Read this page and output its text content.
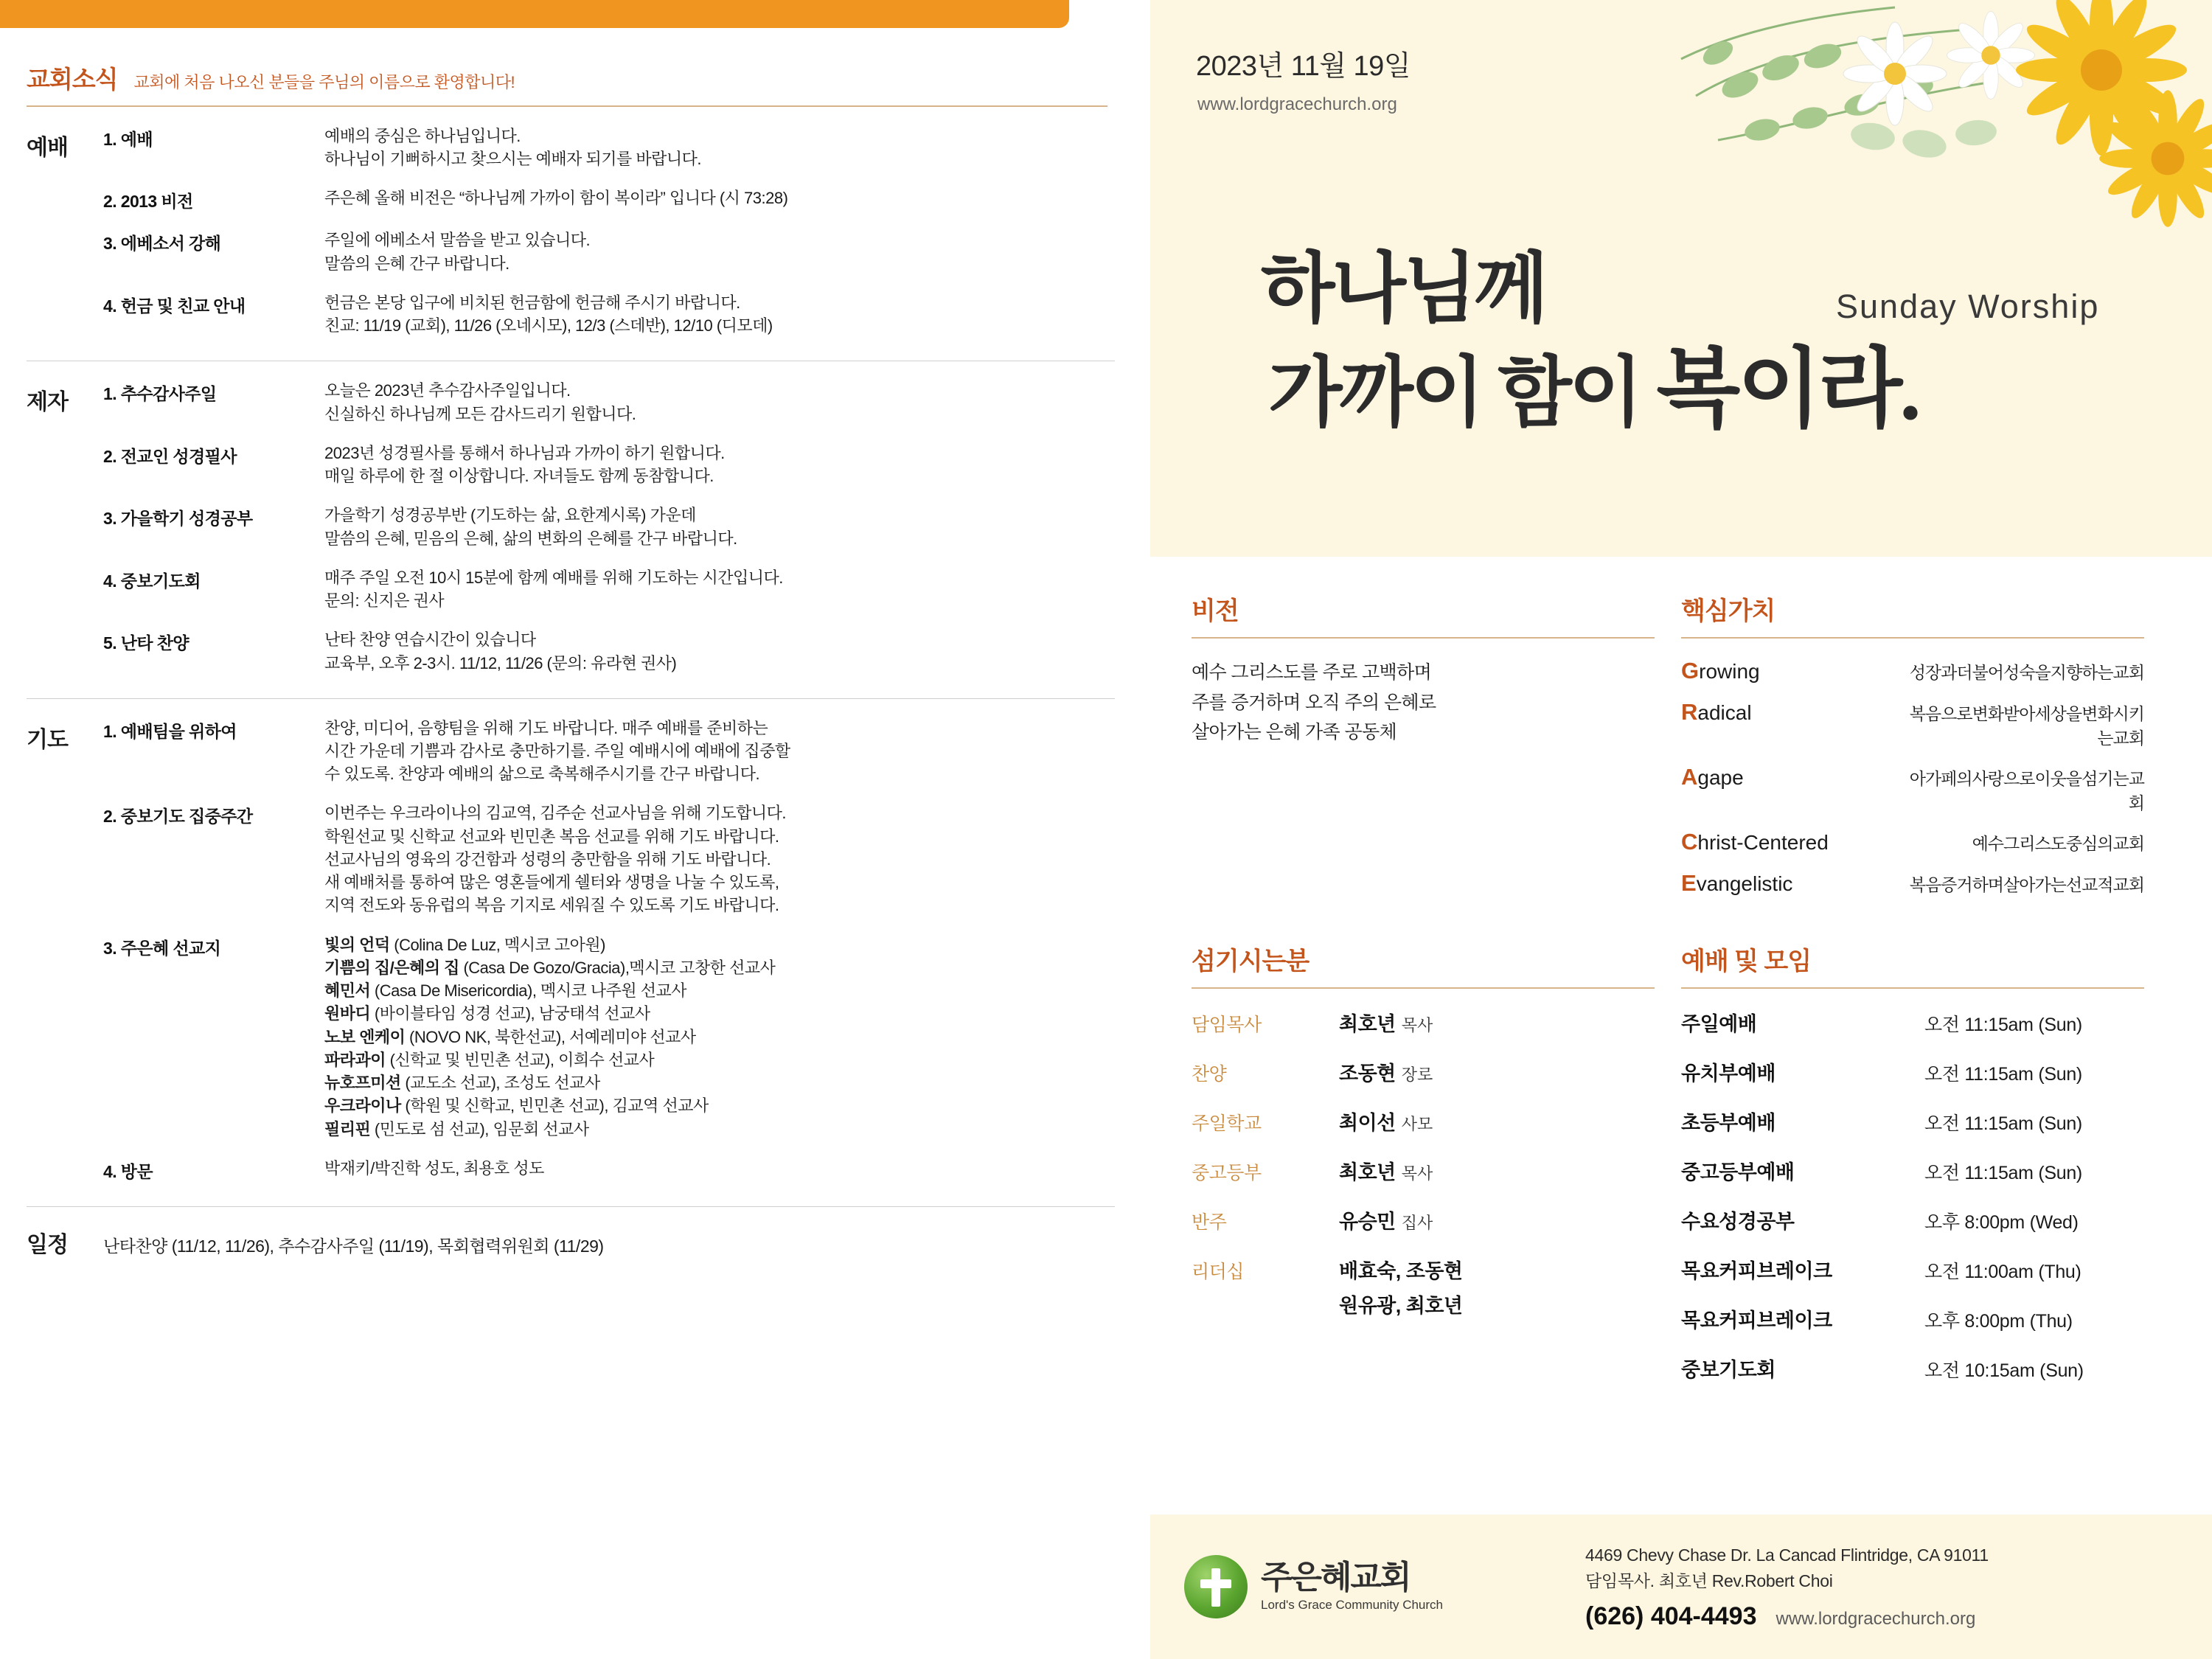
교회소식 교회에 처음 나오신 분들을 주님의 이름으로 환영합니다!
예배	1. 예배	예배의 중심은 하나님입니다.
하나님이 기뻐하시고 찾으시는 예배자 되기를 바랍니다.
2. 2013 비전	주은혜 올해 비전은 “하나님께 가까이 함이 복이라” 입니다 (시 73:28)
3. 에베소서 강해	주일에 에베소서 말씀을 받고 있습니다.
말씀의 은혜 간구 바랍니다.
4. 헌금 및 친교 안내	헌금은 본당 입구에 비치된 헌금함에 헌금해 주시기 바랍니다.
친교: 11/19 (교회), 11/26 (오네시모), 12/3 (스데반), 12/10 (디모데)
제자	1. 추수감사주일	오늘은 2023년 추수감사주일입니다.
신실하신 하나님께 모든 감사드리기 원합니다.
2. 전교인 성경필사	2023년 성경필사를 통해서 하나님과 가까이 하기 원합니다.
매일 하루에 한 절 이상합니다. 자녀들도 함께 동참합니다.
3. 가을학기 성경공부	가을학기 성경공부반 (기도하는 삶, 요한계시록) 가운데
말씀의 은혜, 믿음의 은혜, 삶의 변화의 은혜를 간구 바랍니다.
4. 중보기도회	매주 주일 오전 10시 15분에 함께 예배를 위해 기도하는 시간입니다.
문의: 신지은 권사
5. 난타 찬양	난타 찬양 연습시간이 있습니다
교육부, 오후 2-3시. 11/12, 11/26 (문의: 유라현 권사)
기도	1. 예배팀을 위하여	찬양, 미디어, 음향팀을 위해 기도 바랍니다. 매주 예배를 준비하는
시간 가운데 기쁨과 감사로 충만하기를. 주일 예배시에 예배에 집중할
수 있도록. 찬양과 예배의 삶으로 축복해주시기를 간구 바랍니다.
2. 중보기도 집중주간	이번주는 우크라이나의 김교역, 김주순 선교사님을 위해 기도합니다.
학원선교 및 신학교 선교와 빈민촌 복음 선교를 위해 기도 바랍니다.
선교사님의 영육의 강건함과 성령의 충만함을 위해 기도 바랍니다.
새 예배처를 통하여 많은 영혼들에게 쉘터와 생명을 나눌 수 있도록,
지역 전도와 동유럽의 복음 기지로 세워질 수 있도록 기도 바랍니다.
3. 주은혜 선교지	빛의 언덕 (Colina De Luz, 멕시코 고아원)
기쁨의 집/은혜의 집 (Casa De Gozo/Gracia),멕시코 고창한 선교사
혜민서 (Casa De Misericordia), 멕시코 나주원 선교사
원바디 (바이블타임 성경 선교), 남궁태석 선교사
노보 엔케이 (NOVO NK, 북한선교), 서예레미야 선교사
파라과이 (신학교 및 빈민촌 선교), 이희수 선교사
뉴호프미션 (교도소 선교), 조성도 선교사
우크라이나 (학원 및 신학교, 빈민촌 선교), 김교역 선교사
필리핀 (민도로 섬 선교), 임문회 선교사
4. 방문	박재키/박진학 성도, 최용호 성도
일정	난타찬양 (11/12, 11/26), 추수감사주일 (11/19), 목회협력위원회 (11/29)
2023년 11월 19일
www.lordgracechurch.org
하나님께
가까이 함이 복이라.
Sunday Worship
비전
예수 그리스도를 주로 고백하며
주를 증거하며 오직 주의 은혜로
살아가는 은혜 가족 공동체
핵심가치
Growing	성장과더불어성숙을지향하는교회
Radical	복음으로변화받아세상을변화시키는교회
Agape	아가페의사랑으로이웃을섬기는교회
Christ-Centered	예수그리스도중심의교회
Evangelistic	복음증거하며살아가는선교적교회
섬기시는분
담임목사	최호년 목사
찬양	조동현 장로
주일학교	최이선 사모
중고등부	최호년 목사
반주	유승민 집사
리더십	배효숙, 조동현
원유광, 최호년
예배 및 모임
주일예배	오전 11:15am (Sun)
유치부예배	오전 11:15am (Sun)
초등부예배	오전 11:15am (Sun)
중고등부예배	오전 11:15am (Sun)
수요성경공부	오후 8:00pm (Wed)
목요커피브레이크	오전 11:00am (Thu)
목요커피브레이크	오후 8:00pm (Thu)
중보기도회	오전 10:15am (Sun)
주은혜교회
Lord's Grace Community Church
4469 Chevy Chase Dr. La Cancad Flintridge, CA 91011
담임목사. 최호년 Rev.Robert Choi
(626) 404-4493 www.lordgracechurch.org
